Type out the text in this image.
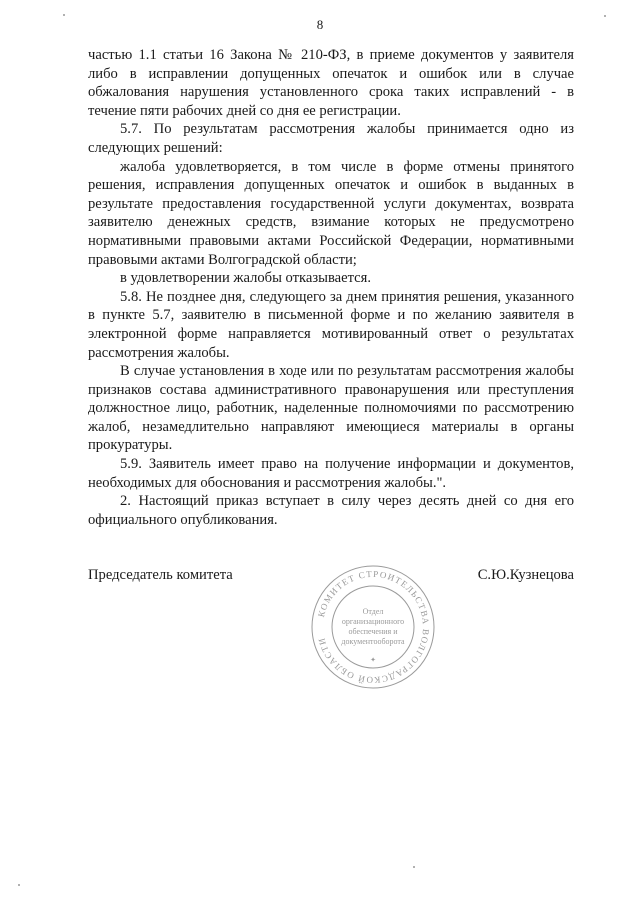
8

частью 1.1 статьи 16 Закона № 210-ФЗ, в приеме документов у заявителя либо в исправлении допущенных опечаток и ошибок или в случае обжалования нарушения установленного срока таких исправлений - в течение пяти рабочих дней со дня ее регистрации.

5.7. По результатам рассмотрения жалобы принимается одно из следующих решений:

жалоба удовлетворяется, в том числе в форме отмены принятого решения, исправления допущенных опечаток и ошибок в выданных в результате предоставления государственной услуги документах, возврата заявителю денежных средств, взимание которых не предусмотрено нормативными правовыми актами Российской Федерации, нормативными правовыми актами Волгоградской области;

в удовлетворении жалобы отказывается.

5.8. Не позднее дня, следующего за днем принятия решения, указанного в пункте 5.7, заявителю в письменной форме и по желанию заявителя в электронной форме направляется мотивированный ответ о результатах рассмотрения жалобы.

В случае установления в ходе или по результатам рассмотрения жалобы признаков состава административного правонарушения или преступления должностное лицо, работник, наделенные полномочиями по рассмотрению жалоб, незамедлительно направляют имеющиеся материалы в органы прокуратуры.

5.9. Заявитель имеет право на получение информации и документов, необходимых для обоснования и рассмотрения жалобы.".

2. Настоящий приказ вступает в силу через десять дней со дня его официального опубликования.

Председатель комитета	С.Ю.Кузнецова
КОМИТЕТ СТРОИТЕЛЬСТВА ВОЛГОГРАДСКОЙ ОБЛАСТИ
Отдел
организационного
обеспечения и
документооборота
✦
